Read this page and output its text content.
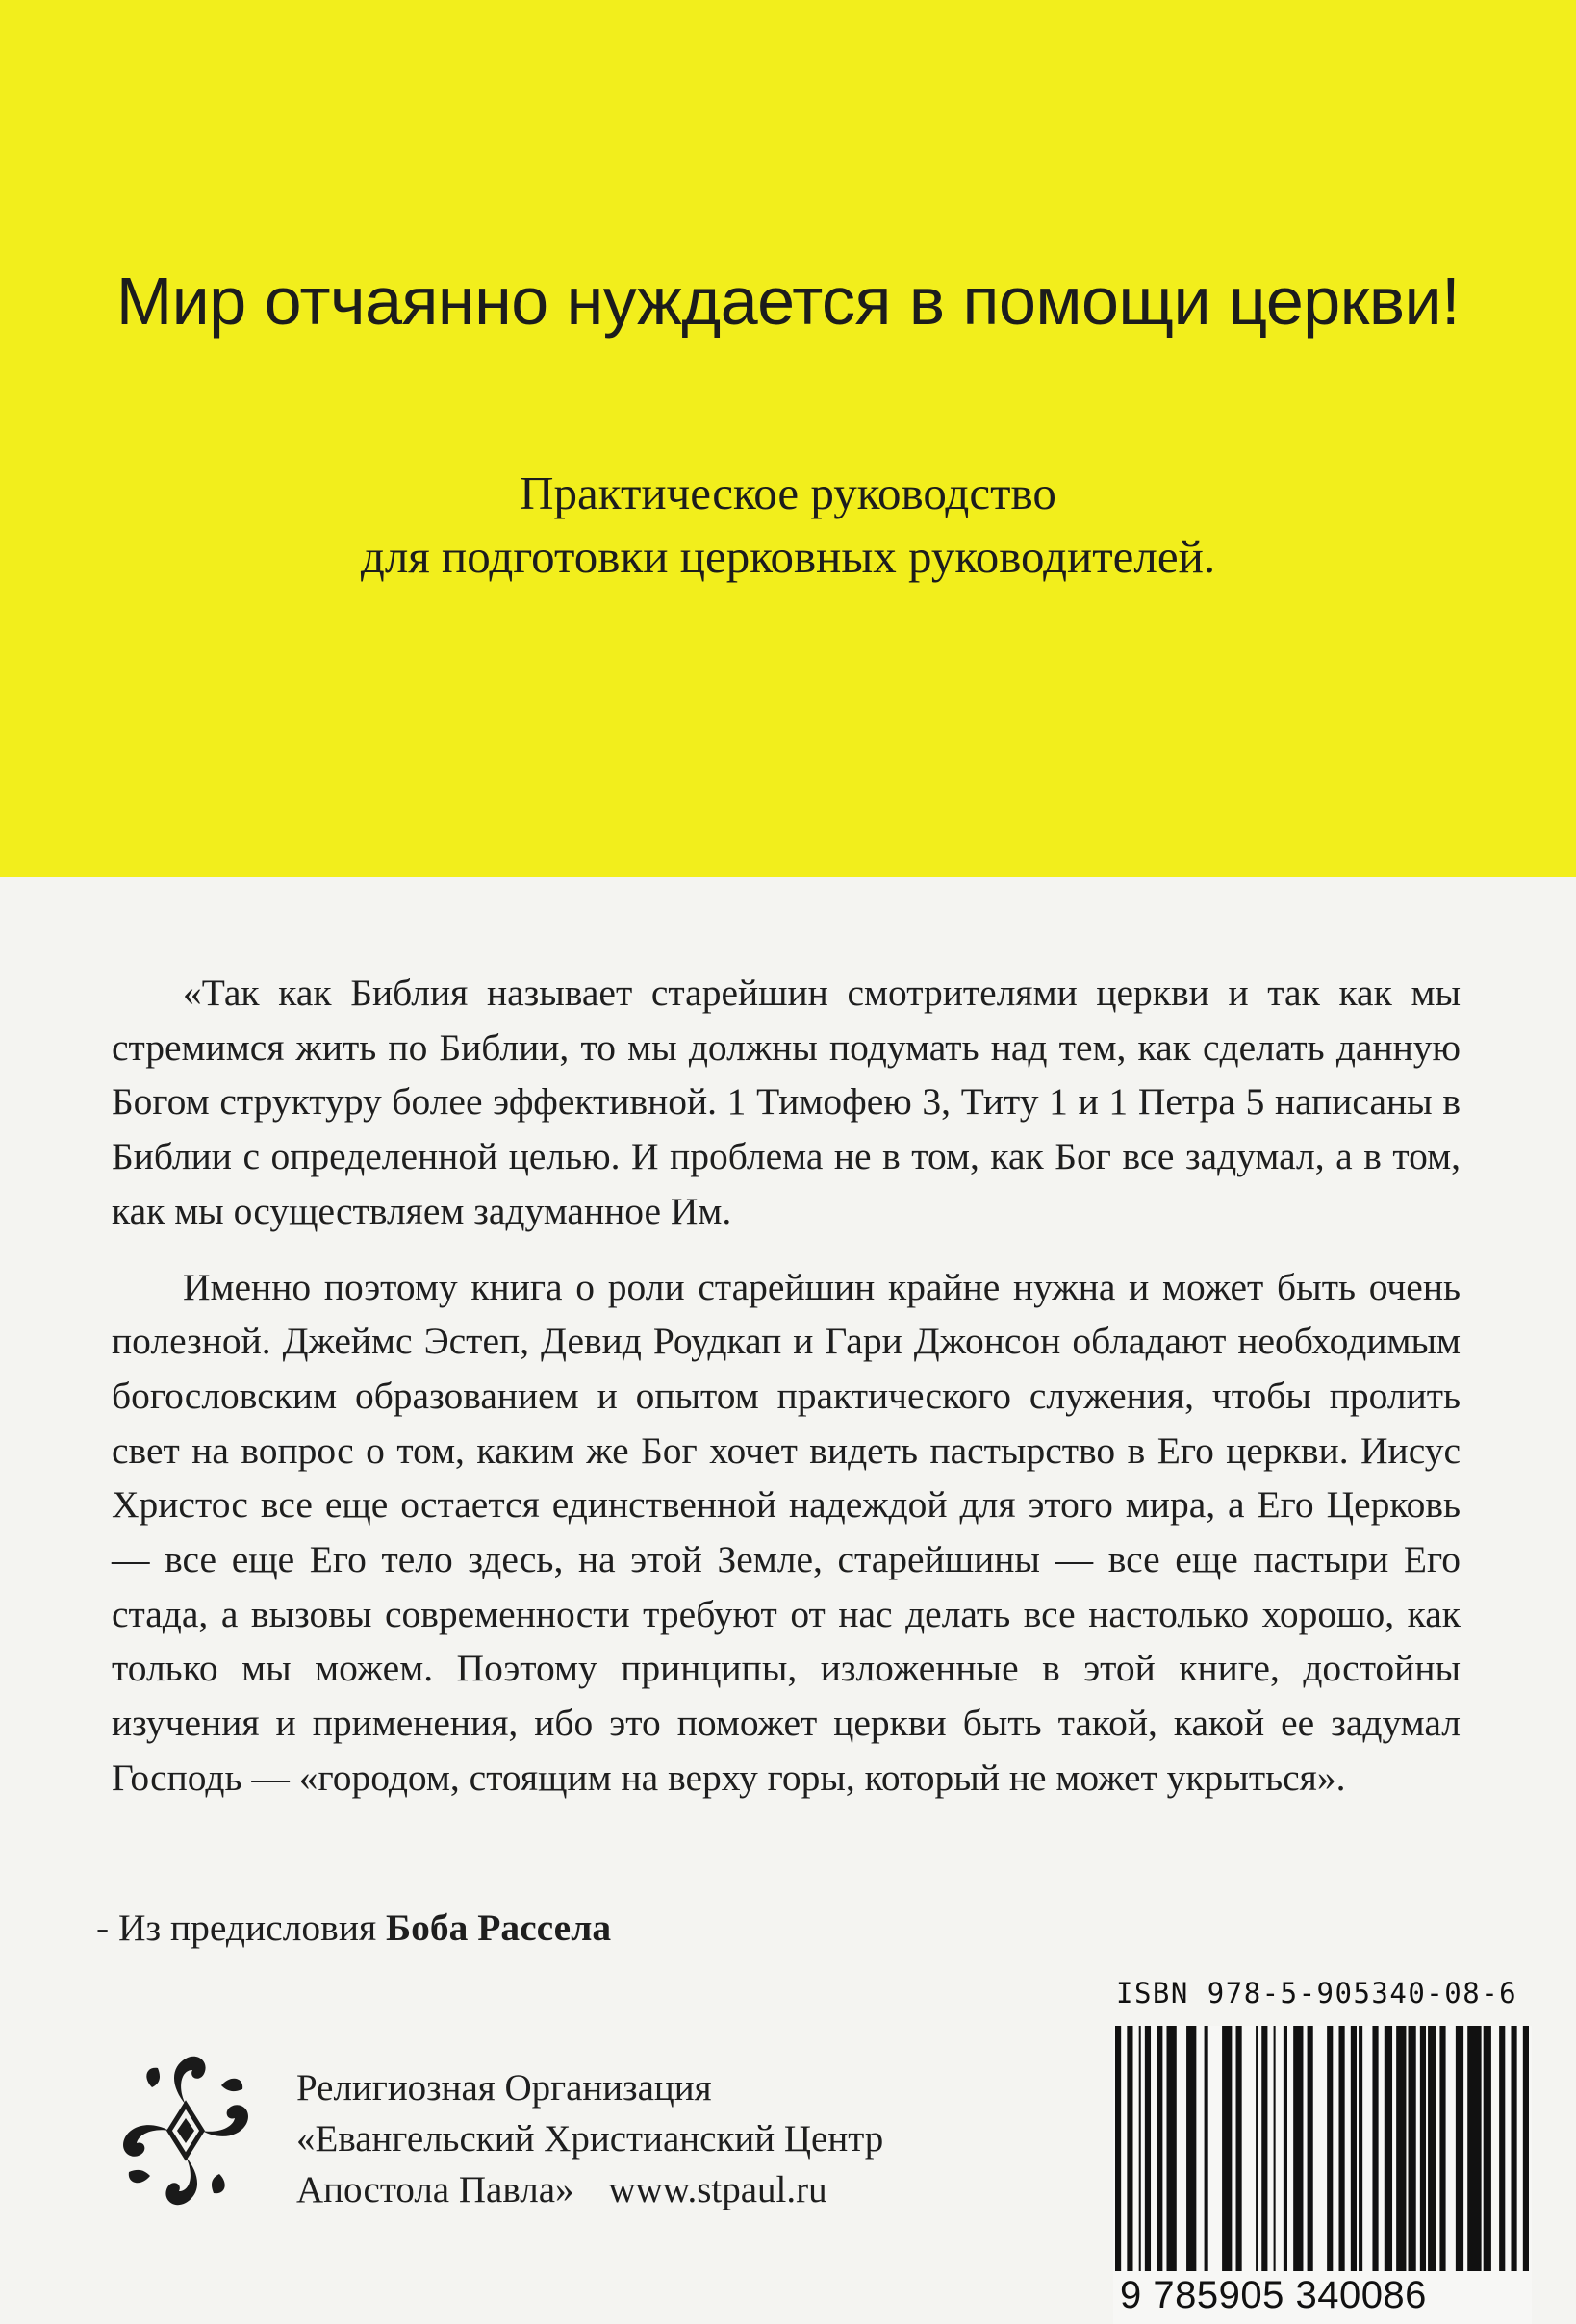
Мир отчаянно нуждается в помощи церкви!
Практическое руководство
для подготовки церковных руководителей.

«Так как Библия называет старейшин смотрителями церкви и так как мы стремимся жить по Библии, то мы должны подумать над тем, как сделать данную Богом структуру более эффективной. 1 Тимофею 3, Титу 1 и 1 Петра 5 написаны в Библии с определенной целью. И проблема не в том, как Бог все задумал, а в том, как мы осуществляем задуманное Им.

Именно поэтому книга о роли старейшин крайне нужна и может быть очень полезной. Джеймс Эстеп, Девид Роудкап и Гари Джонсон обладают необходимым богословским образованием и опытом практического служения, чтобы пролить свет на вопрос о том, каким же Бог хочет видеть пастырство в Его церкви. Иисус Христос все еще остается единственной надеждой для этого мира, а Его Церковь — все еще Его тело здесь, на этой Земле, старейшины — все еще пастыри Его стада, а вызовы современности требуют от нас делать все настолько хорошо, как только мы можем. Поэтому принципы, изложенные в этой книге, достойны изучения и применения, ибо это поможет церкви быть такой, какой ее задумал Господь — «городом, стоящим на верху горы, который не может укрыться».

- Из предисловия Боба Рассела
Религиозная Организация
«Евангельский Христианский Центр
Апостола Павла» www.stpaul.ru
ISBN 978-5-905340-08-6
9 785905 340086
